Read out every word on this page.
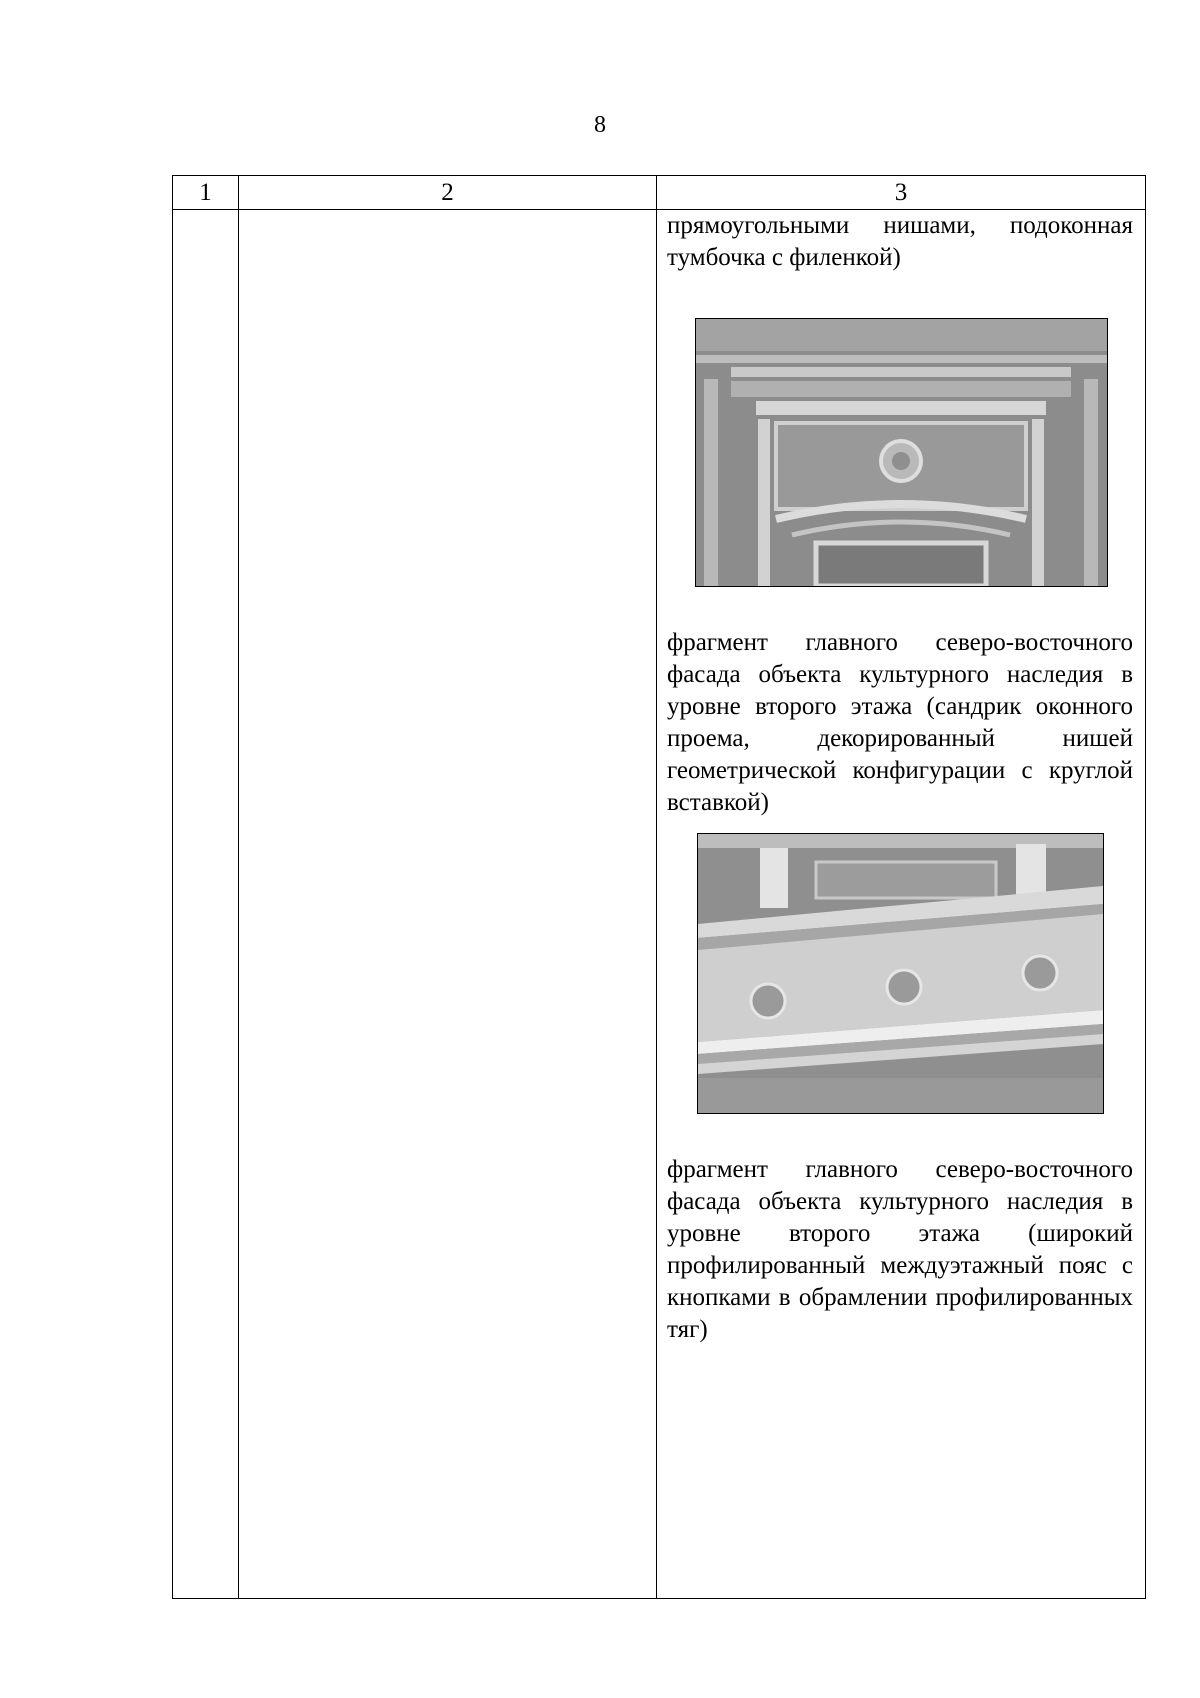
8
1	2	3

прямоугольными нишами, подоконная тумбочка с филенкой)

фрагмент главного северо-восточного фасада объекта культурного наследия в уровне второго этажа (сандрик оконного проема, декорированный нишей геометрической конфигурации с круглой вставкой)

фрагмент главного северо-восточного фасада объекта культурного наследия в уровне второго этажа (широкий профилированный междуэтажный пояс с кнопками в обрамлении профилированных тяг)
